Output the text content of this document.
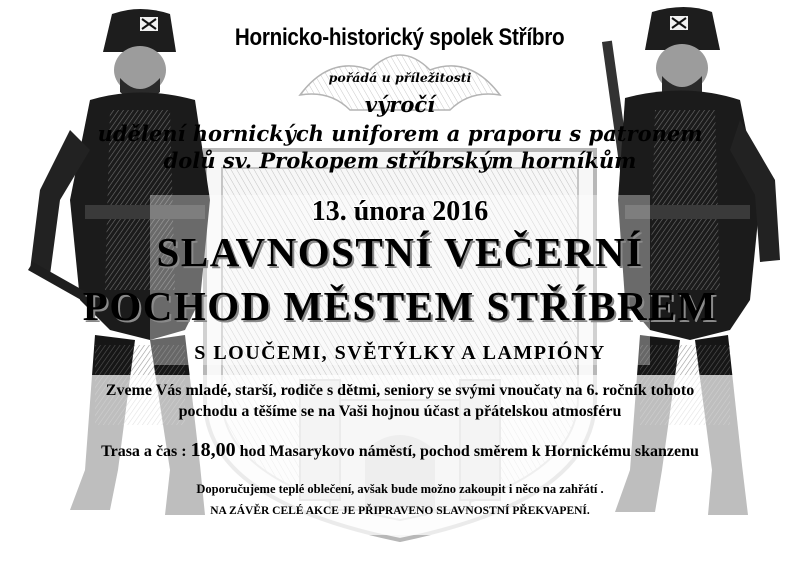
Hornicko-historický spolek Stříbro
pořádá u příležitosti
výročí
udělení hornických uniforem a praporu s patronem
dolů sv. Prokopem stříbrským horníkům
13. února 2016
SLAVNOSTNÍ VEČERNÍ
POCHOD MĚSTEM STŘÍBREM
S LOUČEMI, SVĚTÝLKY A LAMPIÓNY
Zveme Vás mladé, starší, rodiče s dětmi, seniory se svými vnoučaty na 6. ročník tohoto
pochodu a těšíme se na Vaši hojnou účast a přátelskou atmosféru
Trasa a čas : 18,00 hod Masarykovo náměstí, pochod směrem k Hornickému skanzenu
Doporučujeme teplé oblečení, avšak bude možno zakoupit i něco na zahřátí .
NA ZÁVĚR CELÉ AKCE JE PŘIPRAVENO SLAVNOSTNÍ PŘEKVAPENÍ.
